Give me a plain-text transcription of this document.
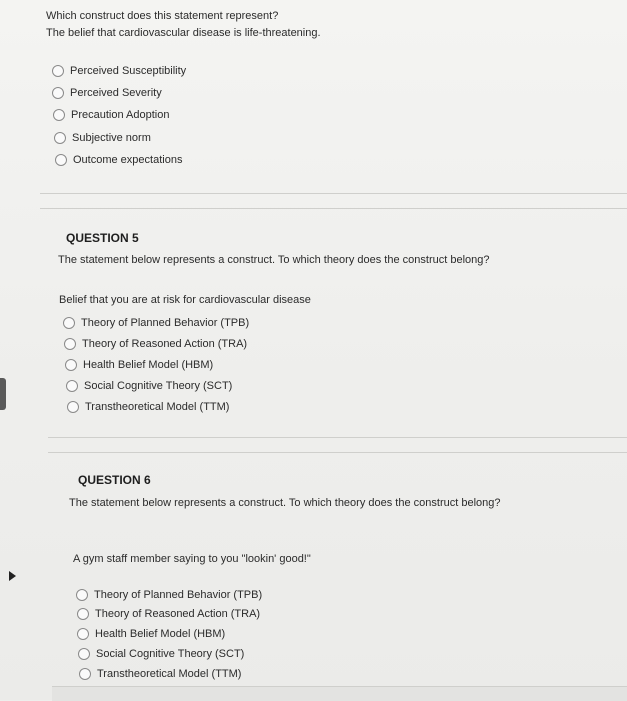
Which construct does this statement represent?
The belief that cardiovascular disease is life-threatening.
Perceived Susceptibility
Perceived Severity
Precaution Adoption
Subjective norm
Outcome expectations
QUESTION 5
The statement below represents a construct. To which theory does the construct belong?
Belief that you are at risk for cardiovascular disease
Theory of Planned Behavior (TPB)
Theory of Reasoned Action (TRA)
Health Belief Model (HBM)
Social Cognitive Theory (SCT)
Transtheoretical Model (TTM)
QUESTION 6
The statement below represents a construct. To which theory does the construct belong?
A gym staff member saying to you "lookin' good!"
Theory of Planned Behavior (TPB)
Theory of Reasoned Action (TRA)
Health Belief Model (HBM)
Social Cognitive Theory (SCT)
Transtheoretical Model (TTM)
